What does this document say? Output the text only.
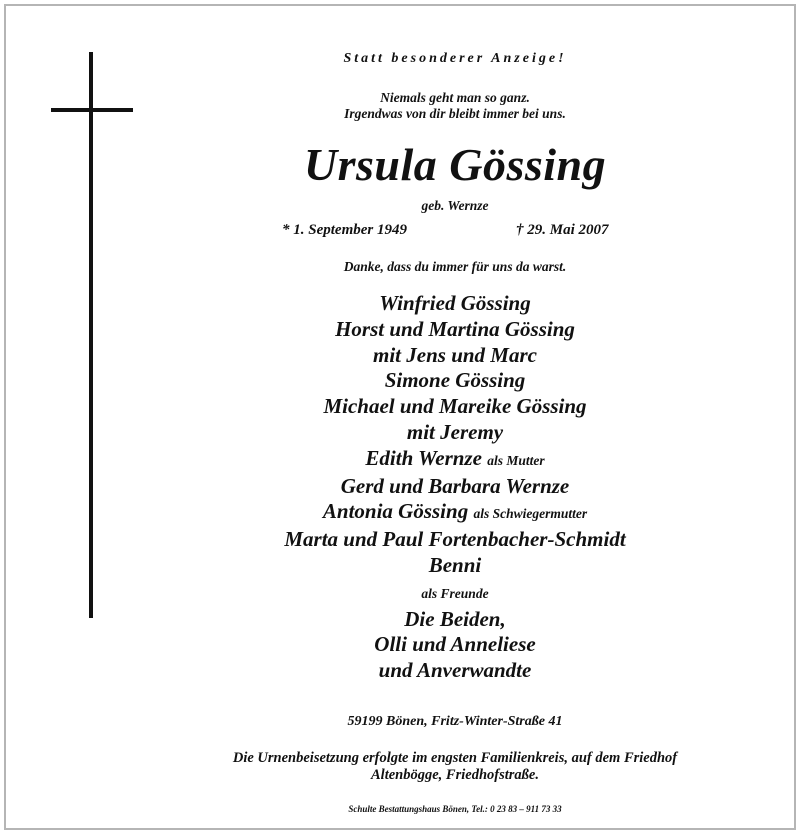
Statt besonderer Anzeige!
Niemals geht man so ganz.
Irgendwas von dir bleibt immer bei uns.
Ursula Gössing
geb. Wernze
* 1. September 1949	† 29. Mai 2007
Danke, dass du immer für uns da warst.
Winfried Gössing
Horst und Martina Gössing
mit Jens und Marc
Simone Gössing
Michael und Mareike Gössing
mit Jeremy
Edith Wernze als Mutter
Gerd und Barbara Wernze
Antonia Gössing als Schwiegermutter
Marta und Paul Fortenbacher-Schmidt
Benni
als Freunde
Die Beiden,
Olli und Anneliese
und Anverwandte
59199 Bönen, Fritz-Winter-Straße 41
Die Urnenbeisetzung erfolgte im engsten Familienkreis, auf dem Friedhof
Altenbögge, Friedhofstraße.
Schulte Bestattungshaus Bönen, Tel.: 0 23 83 – 911 73 33
